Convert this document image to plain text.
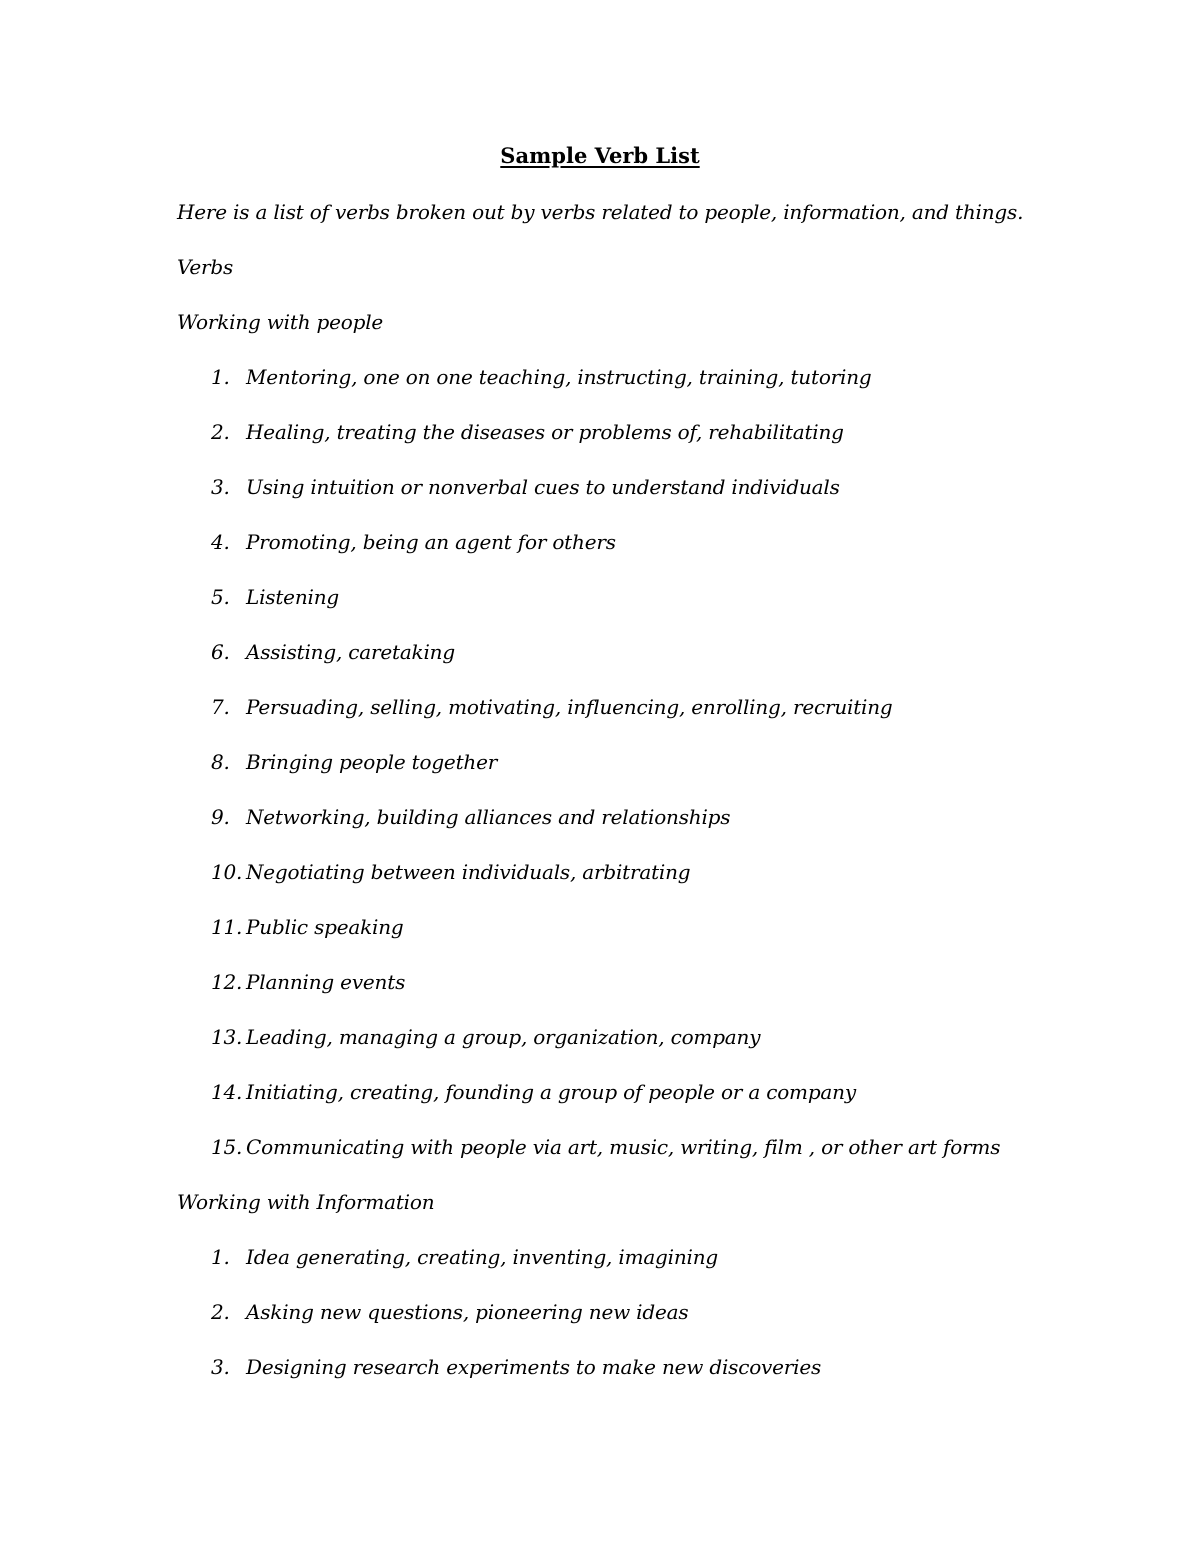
Sample Verb List
Here is a list of verbs broken out by verbs related to people, information, and things.
Verbs
Working with people
1. Mentoring, one on one teaching, instructing, training, tutoring
2. Healing, treating the diseases or problems of, rehabilitating
3. Using intuition or nonverbal cues to understand individuals
4. Promoting, being an agent for others
5. Listening
6. Assisting, caretaking
7. Persuading, selling, motivating, influencing, enrolling, recruiting
8. Bringing people together
9. Networking, building alliances and relationships
10. Negotiating between individuals, arbitrating
11. Public speaking
12. Planning events
13. Leading, managing a group, organization, company
14. Initiating, creating, founding a group of people or a company
15. Communicating with people via art, music, writing, film , or other art forms
Working with Information
1. Idea generating, creating, inventing, imagining
2. Asking new questions, pioneering new ideas
3. Designing research experiments to make new discoveries
